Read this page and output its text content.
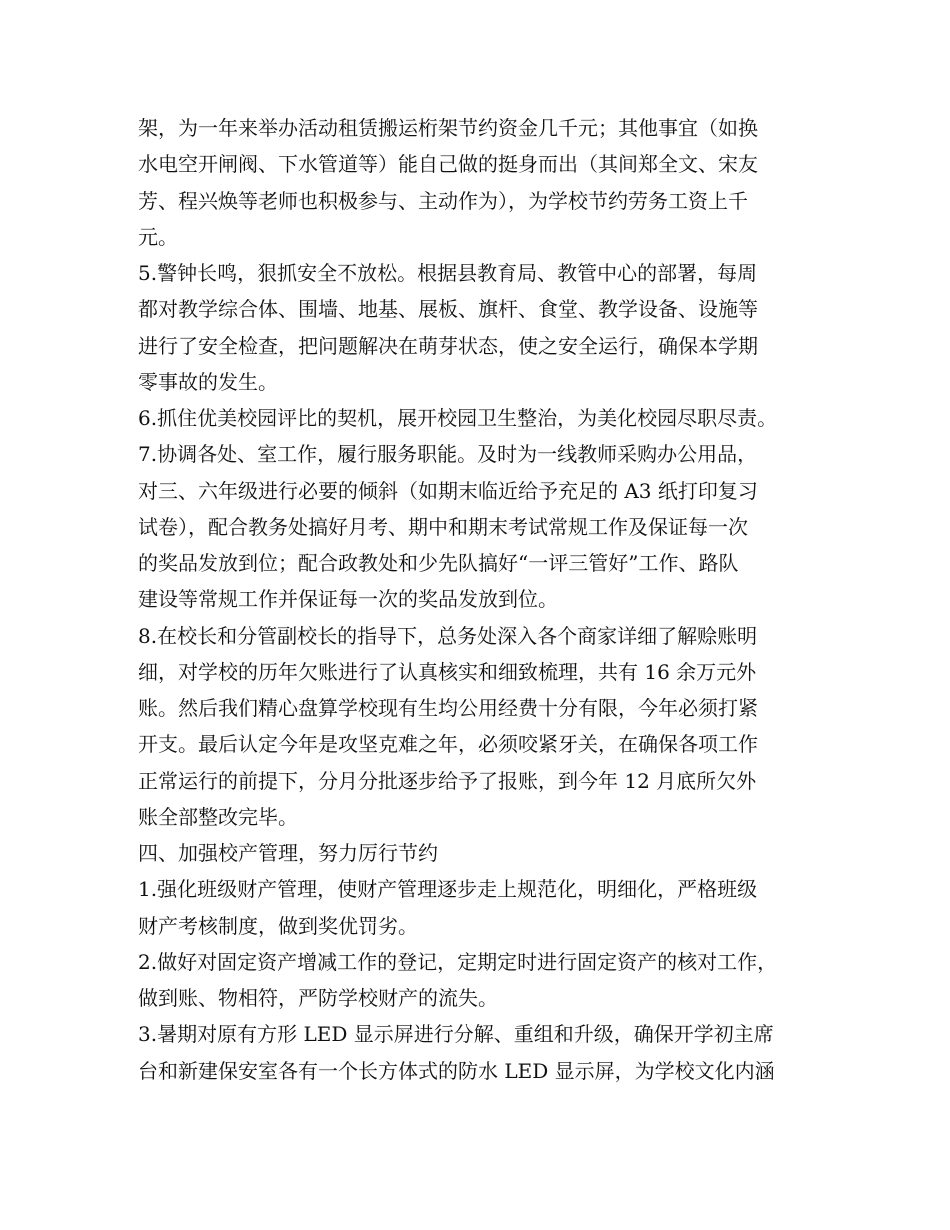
架，为一年来举办活动租赁搬运桁架节约资金几千元；其他事宜（如换
水电空开闸阀、下水管道等）能自己做的挺身而出（其间郑全文、宋友
芳、程兴焕等老师也积极参与、主动作为），为学校节约劳务工资上千
元。
5.警钟长鸣，狠抓安全不放松。根据县教育局、教管中心的部署，每周
都对教学综合体、围墙、地基、展板、旗杆、食堂、教学设备、设施等
进行了安全检查，把问题解决在萌芽状态，使之安全运行，确保本学期
零事故的发生。
6.抓住优美校园评比的契机，展开校园卫生整治，为美化校园尽职尽责。
7.协调各处、室工作，履行服务职能。及时为一线教师采购办公用品，
对三、六年级进行必要的倾斜（如期末临近给予充足的 A3 纸打印复习
试卷），配合教务处搞好月考、期中和期末考试常规工作及保证每一次
的奖品发放到位；配合政教处和少先队搞好“一评三管好”工作、路队
建设等常规工作并保证每一次的奖品发放到位。
8.在校长和分管副校长的指导下，总务处深入各个商家详细了解赊账明
细，对学校的历年欠账进行了认真核实和细致梳理，共有 16 余万元外
账。然后我们精心盘算学校现有生均公用经费十分有限，今年必须打紧
开支。最后认定今年是攻坚克难之年，必须咬紧牙关，在确保各项工作
正常运行的前提下，分月分批逐步给予了报账，到今年 12 月底所欠外
账全部整改完毕。
四、加强校产管理，努力厉行节约
1.强化班级财产管理，使财产管理逐步走上规范化，明细化，严格班级
财产考核制度，做到奖优罚劣。
2.做好对固定资产增减工作的登记，定期定时进行固定资产的核对工作，
做到账、物相符，严防学校财产的流失。
3.暑期对原有方形 LED 显示屏进行分解、重组和升级，确保开学初主席
台和新建保安室各有一个长方体式的防水 LED 显示屏，为学校文化内涵
